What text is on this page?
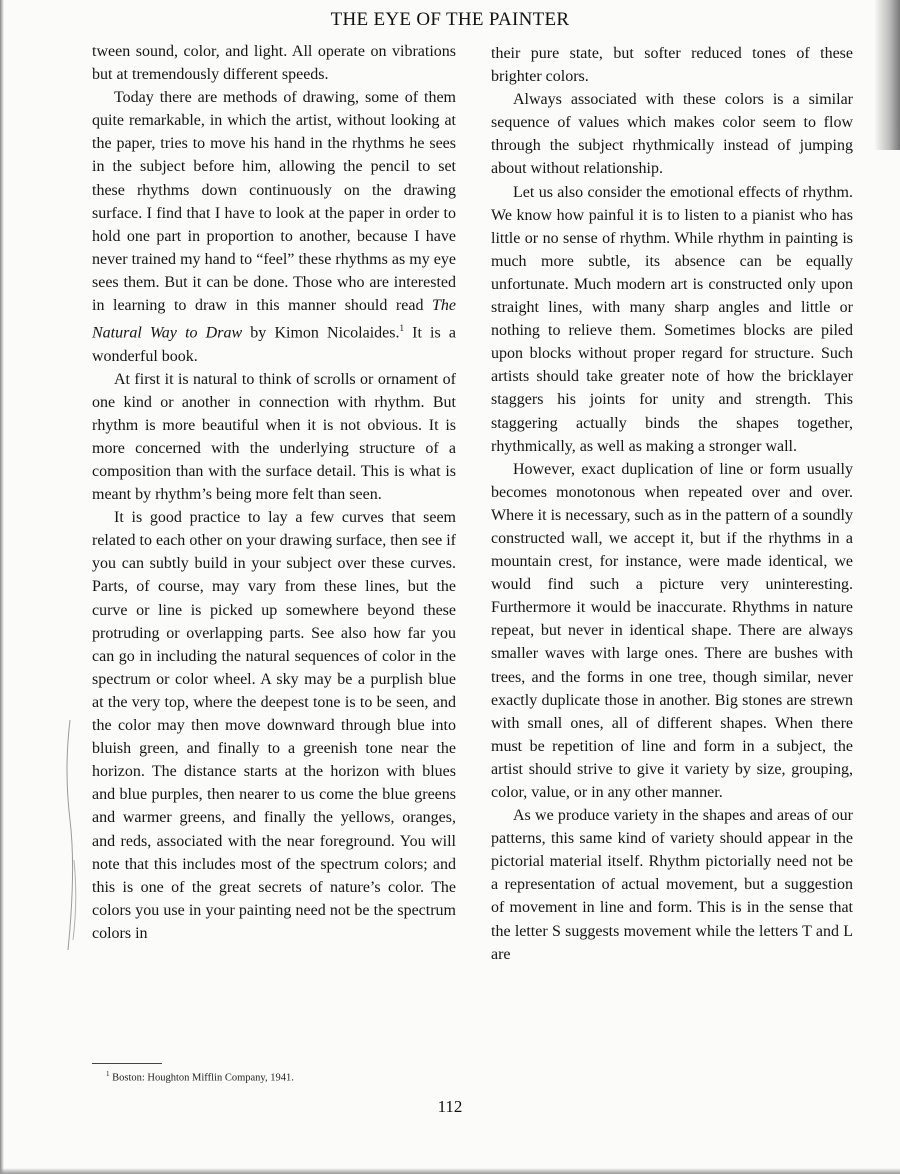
THE EYE OF THE PAINTER

tween sound, color, and light. All operate on vibrations but at tremendously different speeds.

Today there are methods of drawing, some of them quite remarkable, in which the artist, without looking at the paper, tries to move his hand in the rhythms he sees in the subject before him, allowing the pencil to set these rhythms down continuously on the drawing surface. I find that I have to look at the paper in order to hold one part in proportion to another, because I have never trained my hand to “feel” these rhythms as my eye sees them. But it can be done. Those who are interested in learning to draw in this manner should read The Natural Way to Draw by Kimon Nicolaides.$^1$ It is a wonderful book.

At first it is natural to think of scrolls or ornament of one kind or another in connection with rhythm. But rhythm is more beautiful when it is not obvious. It is more concerned with the underlying structure of a composition than with the surface detail. This is what is meant by rhythm’s being more felt than seen.

It is good practice to lay a few curves that seem related to each other on your drawing surface, then see if you can subtly build in your subject over these curves. Parts, of course, may vary from these lines, but the curve or line is picked up somewhere beyond these protruding or overlapping parts. See also how far you can go in including the natural sequences of color in the spectrum or color wheel. A sky may be a purplish blue at the very top, where the deepest tone is to be seen, and the color may then move downward through blue into bluish green, and finally to a greenish tone near the horizon. The distance starts at the horizon with blues and blue purples, then nearer to us come the blue greens and warmer greens, and finally the yellows, oranges, and reds, associated with the near foreground. You will note that this includes most of the spectrum colors; and this is one of the great secrets of nature’s color. The colors you use in your painting need not be the spectrum colors in

their pure state, but softer reduced tones of these brighter colors.

Always associated with these colors is a similar sequence of values which makes color seem to flow through the subject rhythmically instead of jumping about without relationship.

Let us also consider the emotional effects of rhythm. We know how painful it is to listen to a pianist who has little or no sense of rhythm. While rhythm in painting is much more subtle, its absence can be equally unfortunate. Much modern art is constructed only upon straight lines, with many sharp angles and little or nothing to relieve them. Sometimes blocks are piled upon blocks without proper regard for structure. Such artists should take greater note of how the bricklayer staggers his joints for unity and strength. This staggering actually binds the shapes together, rhythmically, as well as making a stronger wall.

However, exact duplication of line or form usually becomes monotonous when repeated over and over. Where it is necessary, such as in the pattern of a soundly constructed wall, we accept it, but if the rhythms in a mountain crest, for instance, were made identical, we would find such a picture very uninteresting. Furthermore it would be inaccurate. Rhythms in nature repeat, but never in identical shape. There are always smaller waves with large ones. There are bushes with trees, and the forms in one tree, though similar, never exactly duplicate those in another. Big stones are strewn with small ones, all of different shapes. When there must be repetition of line and form in a subject, the artist should strive to give it variety by size, grouping, color, value, or in any other manner.

As we produce variety in the shapes and areas of our patterns, this same kind of variety should appear in the pictorial material itself. Rhythm pictorially need not be a representation of actual movement, but a suggestion of movement in line and form. This is in the sense that the letter S suggests movement while the letters T and L are

$^1$ Boston: Houghton Mifflin Company, 1941.
112
